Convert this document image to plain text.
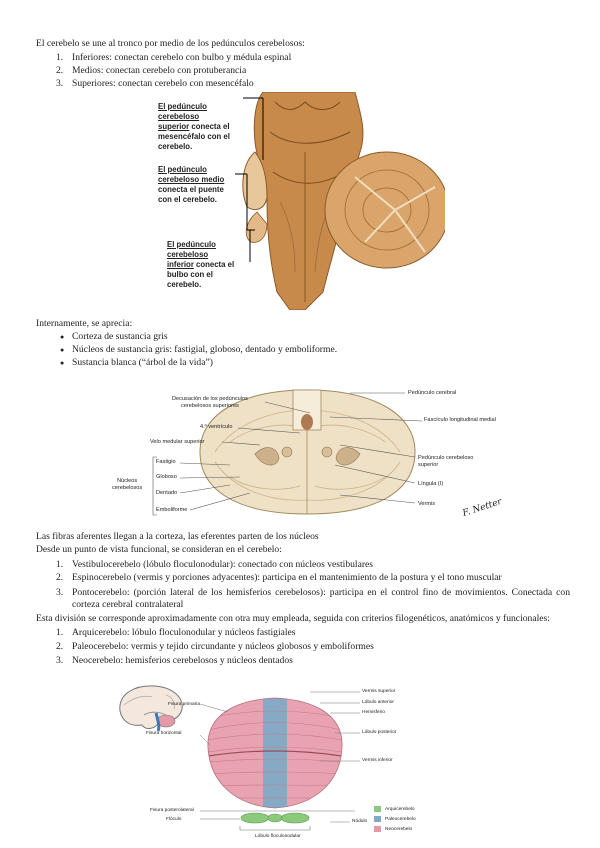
El cerebelo se une al tronco por medio de los pedúnculos cerebelosos:
1. Inferiores: conectan cerebelo con bulbo y médula espinal
2. Medios: conectan cerebelo con protuberancia
3. Superiores: conectan cerebelo con mesencéfalo
El pedúnculo
cerebeloso
superior conecta el
mesencéfalo con el
cerebelo.
El pedúnculo
cerebeloso medio
conecta el puente
con el cerebelo.
El pedúnculo
cerebeloso
inferior conecta el
bulbo con el
cerebelo.
Internamente, se aprecia:
● Corteza de sustancia gris
● Núcleos de sustancia gris: fastigial, globoso, dentado y emboliforme.
● Sustancia blanca (“árbol de la vida”)
Decusación de los pedúnculos
cerebelosos superiores
4.º ventrículo
Velo medular superior
Núcleos
cerebelosos
Fastigio
Globoso
Dentado
Emboliforme
Pedúnculo cerebral
Fascículo longitudinal medial
Pedúnculo cerebeloso
superior
Língula (I)
Vermis	F. Netter
Las fibras aferentes llegan a la corteza, las eferentes parten de los núcleos
Desde un punto de vista funcional, se consideran en el cerebelo:
1. Vestibulocerebelo (lóbulo floculonodular): conectado con núcleos vestibulares
2. Espinocerebelo (vermis y porciones adyacentes): participa en el mantenimiento de la postura y el tono muscular
3. Pontocerebelo: (porción lateral de los hemisferios cerebelosos): participa en el control fino de movimientos. Conectada con corteza cerebral contralateral
Esta división se corresponde aproximadamente con otra muy empleada, seguida con criterios filogenéticos, anatómicos y funcionales:
1. Arquicerebelo: lóbulo floculonodular y núcleos fastigiales
2. Paleocerebelo: vermis y tejido circundante y núcleos globosos y emboliformes
3. Neocerebelo: hemisferios cerebelosos y núcleos dentados
Fisura primaria
Fisura horizontal
Fisura posterolateral
Flóculo
Vermis superior
Lóbulo anterior
Hemisferio
Lóbulo posterior
Vermis inferior
Nódulo
Lóbulo floculonodular
Arquicerebelo
Paleocerebelo
Neocerebelo
